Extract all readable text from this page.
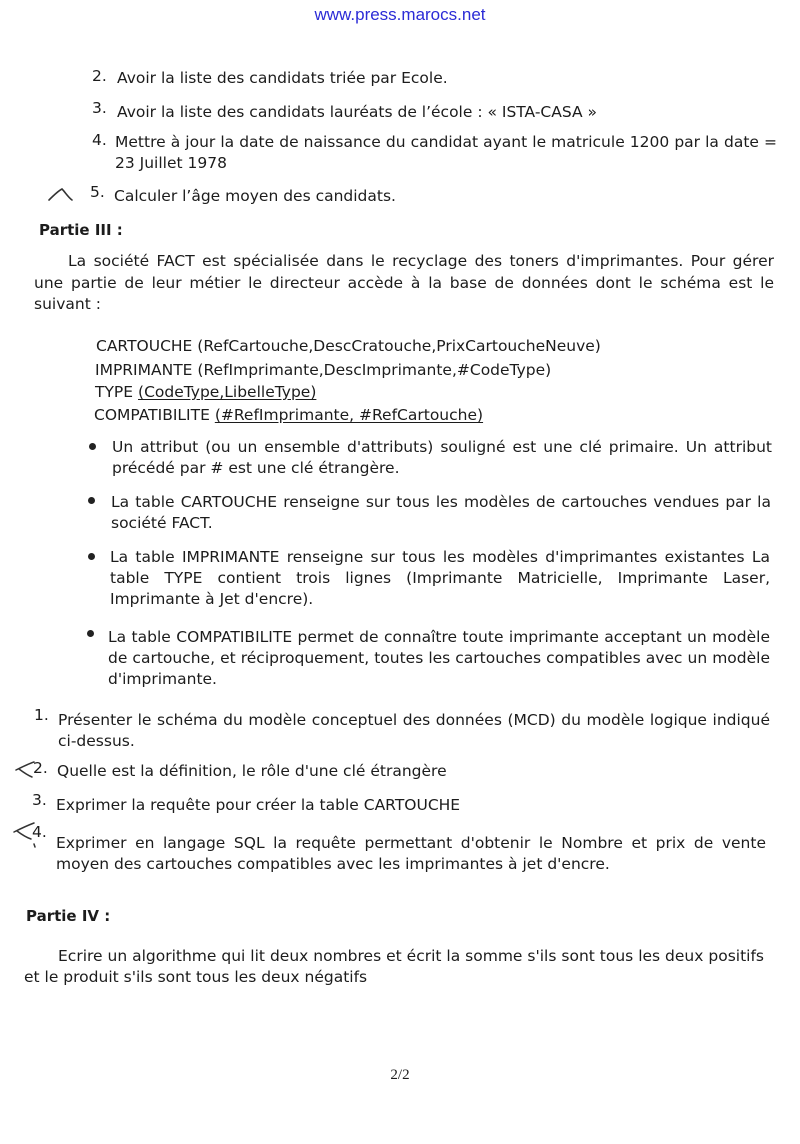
www.press.marocs.net
2. Avoir la liste des candidats triée par Ecole.
3. Avoir la liste des candidats lauréats de l’école : « ISTA-CASA »
4. Mettre à jour la date de naissance du candidat ayant le matricule 1200 par la date = 23 Juillet 1978
5. Calculer l’âge moyen des candidats.
Partie III :
La société FACT est spécialisée dans le recyclage des toners d'imprimantes. Pour gérer une partie de leur métier le directeur accède à la base de données dont le schéma est le suivant :
CARTOUCHE (RefCartouche,DescCratouche,PrixCartoucheNeuve)
IMPRIMANTE (RefImprimante,DescImprimante,#CodeType)
TYPE (CodeType,LibelleType)
COMPATIBILITE (#RefImprimante, #RefCartouche)
Un attribut (ou un ensemble d'attributs) souligné est une clé primaire. Un attribut précédé par # est une clé étrangère.
La table CARTOUCHE renseigne sur tous les modèles de cartouches vendues par la société FACT.
La table IMPRIMANTE renseigne sur tous les modèles d'imprimantes existantes La table TYPE contient trois lignes (Imprimante Matricielle, Imprimante Laser, Imprimante à Jet d'encre).
La table COMPATIBILITE permet de connaître toute imprimante acceptant un modèle de cartouche, et réciproquement, toutes les cartouches compatibles avec un modèle d'imprimante.
1. Présenter le schéma du modèle conceptuel des données (MCD) du modèle logique indiqué ci-dessus.
2. Quelle est la définition, le rôle d'une clé étrangère
3. Exprimer la requête pour créer la table CARTOUCHE
4.
Exprimer en langage SQL la requête permettant d'obtenir le Nombre et prix de vente moyen des cartouches compatibles avec les imprimantes à jet d'encre.
Partie IV :
Ecrire un algorithme qui lit deux nombres et écrit la somme s'ils sont tous les deux positifs et le produit s'ils sont tous les deux négatifs
2/2
